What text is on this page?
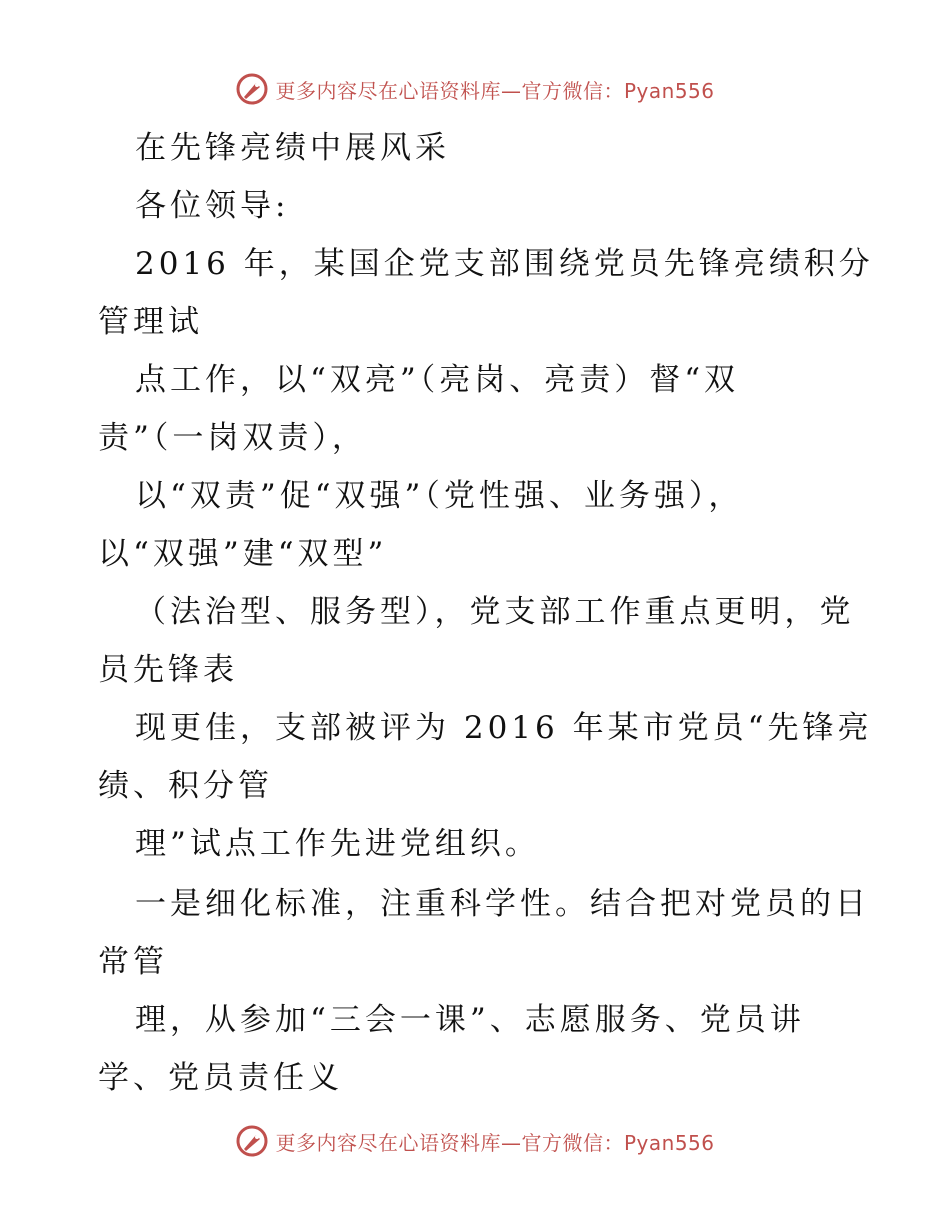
更多内容尽在心语资料库—官方微信：Pyan556
在先锋亮绩中展风采
各位领导:
2016 年，某国企党支部围绕党员先锋亮绩积分
管理试
点工作，以“双亮”（亮岗、亮责）督“双
责”（一岗双责），
以“双责”促“双强”（党性强、业务强），
以“双强”建“双型”
（法治型、服务型），党支部工作重点更明，党
员先锋表
现更佳，支部被评为 2016 年某市党员“先锋亮
绩、积分管
理”试点工作先进党组织。
一是细化标准，注重科学性。结合把对党员的日
常管
理，从参加“三会一课”、志愿服务、党员讲
学、党员责任义
更多内容尽在心语资料库—官方微信：Pyan556
